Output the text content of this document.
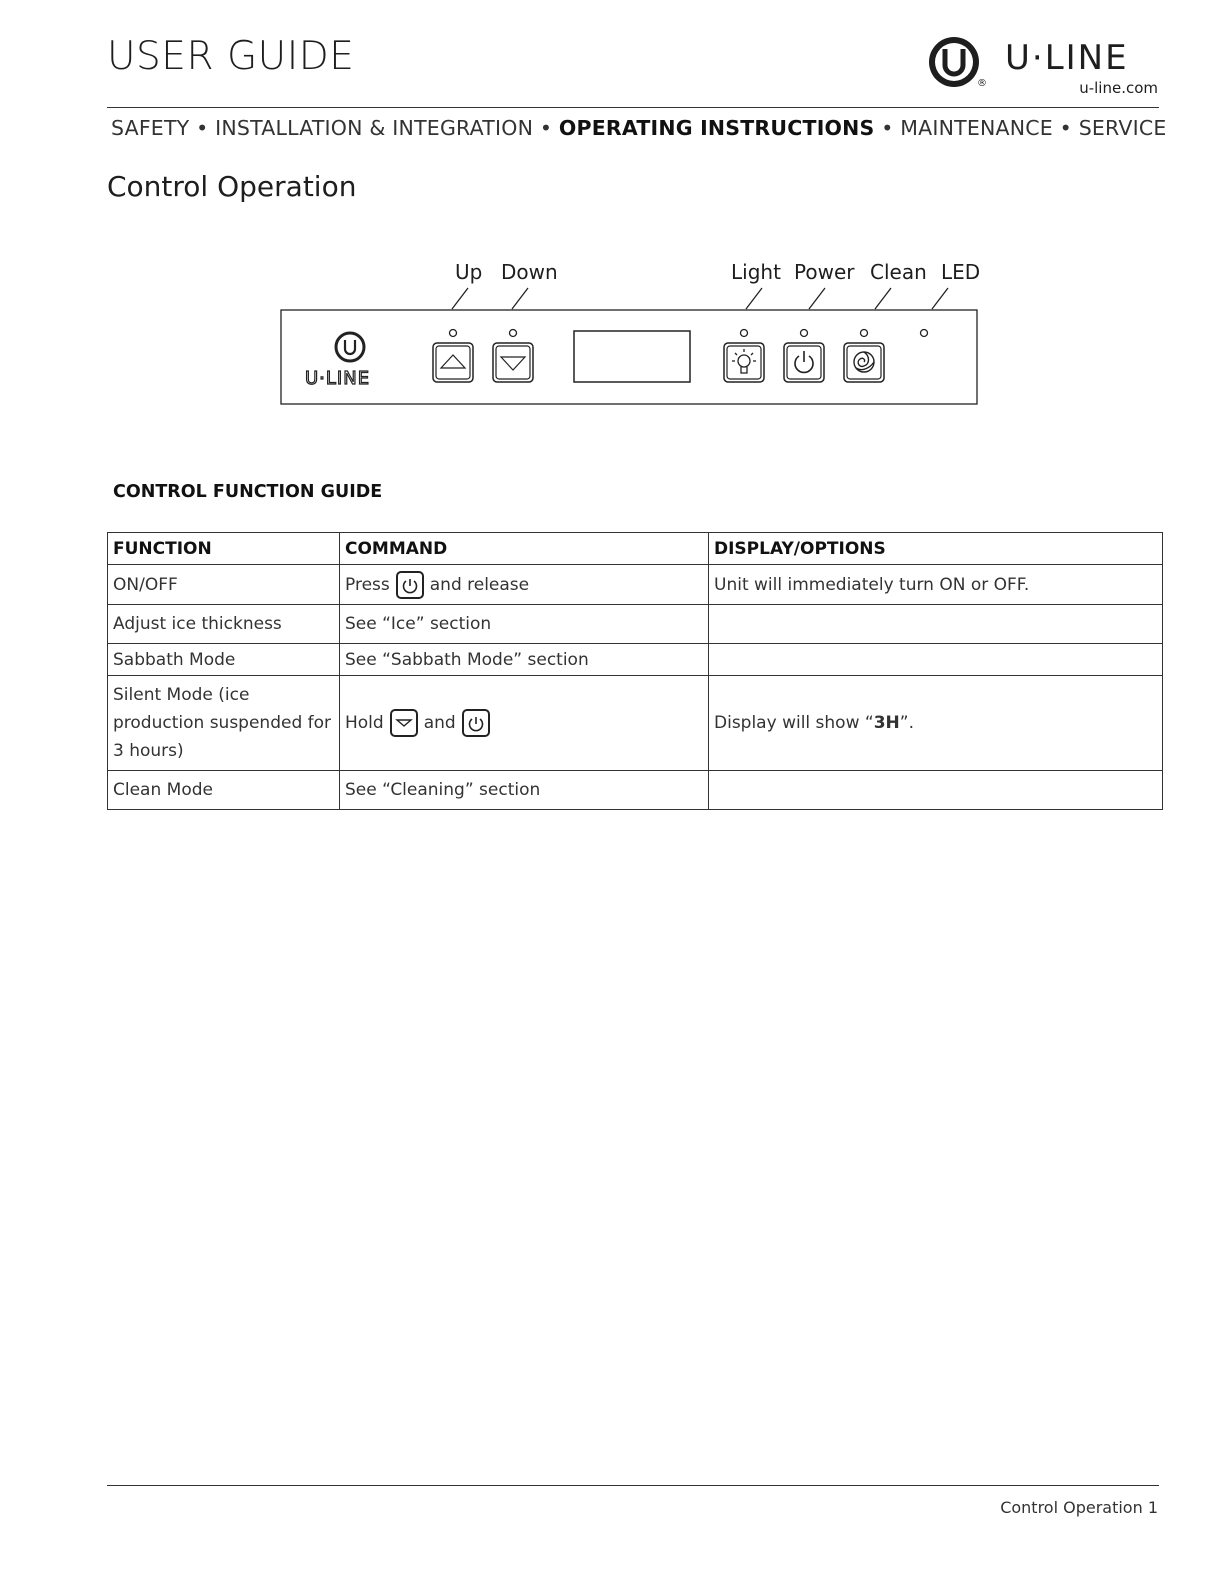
USER GUIDE
®
U·LINE
u-line.com
SAFETY • INSTALLATION & INTEGRATION • OPERATING INSTRUCTIONS • MAINTENANCE • SERVICE
Control Operation
Up Down	Light Power Clean LED
U·LINE
CONTROL FUNCTION GUIDE
FUNCTION	COMMAND	DISPLAY/OPTIONS
ON/OFF	Press and release	Unit will immediately turn ON or OFF.
Adjust ice thickness	See “Ice” section	
Sabbath Mode	See “Sabbath Mode” section	
Silent Mode (ice production suspended for 3 hours)	Hold and	Display will show “3H”.
Clean Mode	See “Cleaning” section	
Control Operation 1
